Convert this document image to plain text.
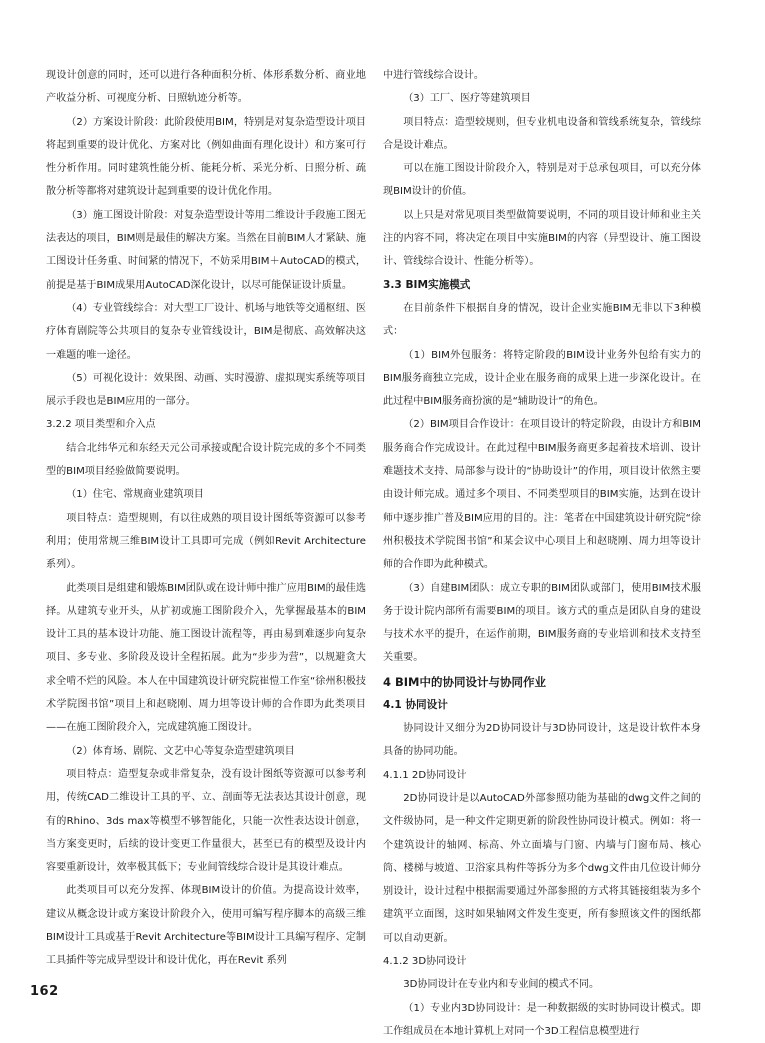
现设计创意的同时，还可以进行各种面积分析、体形系数分析、商业地产收益分析、可视度分析、日照轨迹分析等。

（2）方案设计阶段：此阶段使用BIM，特别是对复杂造型设计项目将起到重要的设计优化、方案对比（例如曲面有理化设计）和方案可行性分析作用。同时建筑性能分析、能耗分析、采光分析、日照分析、疏散分析等都将对建筑设计起到重要的设计优化作用。

（3）施工图设计阶段：对复杂造型设计等用二维设计手段施工图无法表达的项目，BIM则是最佳的解决方案。当然在目前BIM人才紧缺、施工图设计任务重、时间紧的情况下，不妨采用BIM＋AutoCAD的模式，前提是基于BIM成果用AutoCAD深化设计，以尽可能保证设计质量。

（4）专业管线综合：对大型工厂设计、机场与地铁等交通枢纽、医疗体育剧院等公共项目的复杂专业管线设计，BIM是彻底、高效解决这一难题的唯一途径。

（5）可视化设计：效果图、动画、实时漫游、虚拟现实系统等项目展示手段也是BIM应用的一部分。

3.2.2 项目类型和介入点

结合北纬华元和东经天元公司承接或配合设计院完成的多个不同类型的BIM项目经验做简要说明。

（1）住宅、常规商业建筑项目

项目特点：造型规则，有以往成熟的项目设计图纸等资源可以参考利用；使用常规三维BIM设计工具即可完成（例如Revit Architecture系列）。

此类项目是组建和锻炼BIM团队或在设计师中推广应用BIM的最佳选择。从建筑专业开头，从扩初或施工图阶段介入，先掌握最基本的BIM设计工具的基本设计功能、施工图设计流程等，再由易到难逐步向复杂项目、多专业、多阶段及设计全程拓展。此为“步步为营”，以规避贪大求全啃不烂的风险。本人在中国建筑设计研究院崔愷工作室“徐州积极技术学院图书馆”项目上和赵晓刚、周力坦等设计师的合作即为此类项目——在施工图阶段介入，完成建筑施工图设计。

（2）体育场、剧院、文艺中心等复杂造型建筑项目

项目特点：造型复杂或非常复杂，没有设计图纸等资源可以参考利用，传统CAD二维设计工具的平、立、剖面等无法表达其设计创意，现有的Rhino、3ds max等模型不够智能化，只能一次性表达设计创意，当方案变更时，后续的设计变更工作量很大，甚至已有的模型及设计内容要重新设计，效率极其低下；专业间管线综合设计是其设计难点。

此类项目可以充分发挥、体现BIM设计的价值。为提高设计效率，建议从概念设计或方案设计阶段介入，使用可编写程序脚本的高级三维BIM设计工具或基于Revit Architecture等BIM设计工具编写程序、定制工具插件等完成异型设计和设计优化，再在Revit 系列

中进行管线综合设计。

（3）工厂、医疗等建筑项目

项目特点：造型较规则，但专业机电设备和管线系统复杂，管线综合是设计难点。

可以在施工图设计阶段介入，特别是对于总承包项目，可以充分体现BIM设计的价值。

以上只是对常见项目类型做简要说明，不同的项目设计师和业主关注的内容不同，将决定在项目中实施BIM的内容（异型设计、施工图设计、管线综合设计、性能分析等）。

3.3 BIM实施模式

在目前条件下根据自身的情况，设计企业实施BIM无非以下3种模式：

（1）BIM外包服务：将特定阶段的BIM设计业务外包给有实力的BIM服务商独立完成，设计企业在服务商的成果上进一步深化设计。在此过程中BIM服务商扮演的是“辅助设计”的角色。

（2）BIM项目合作设计：在项目设计的特定阶段，由设计方和BIM服务商合作完成设计。在此过程中BIM服务商更多起着技术培训、设计难题技术支持、局部参与设计的“协助设计”的作用，项目设计依然主要由设计师完成。通过多个项目、不同类型项目的BIM实施，达到在设计师中逐步推广普及BIM应用的目的。注：笔者在中国建筑设计研究院“徐州积极技术学院图书馆”和某会议中心项目上和赵晓刚、周力坦等设计师的合作即为此种模式。

（3）自建BIM团队：成立专职的BIM团队或部门，使用BIM技术服务于设计院内部所有需要BIM的项目。该方式的重点是团队自身的建设与技术水平的提升，在运作前期，BIM服务商的专业培训和技术支持至关重要。

4 BIM中的协同设计与协同作业

4.1 协同设计

协同设计又细分为2D协同设计与3D协同设计，这是设计软件本身具备的协同功能。

4.1.1 2D协同设计

2D协同设计是以AutoCAD外部参照功能为基础的dwg文件之间的文件级协同，是一种文件定期更新的阶段性协同设计模式。例如：将一个建筑设计的轴网、标高、外立面墙与门窗、内墙与门窗布局、核心筒、楼梯与坡道、卫浴家具构件等拆分为多个dwg文件由几位设计师分别设计，设计过程中根据需要通过外部参照的方式将其链接组装为多个建筑平立面图，这时如果轴网文件发生变更，所有参照该文件的图纸都可以自动更新。

4.1.2 3D协同设计

3D协同设计在专业内和专业间的模式不同。

（1）专业内3D协同设计：是一种数据级的实时协同设计模式。即工作组成员在本地计算机上对同一个3D工程信息模型进行

162
